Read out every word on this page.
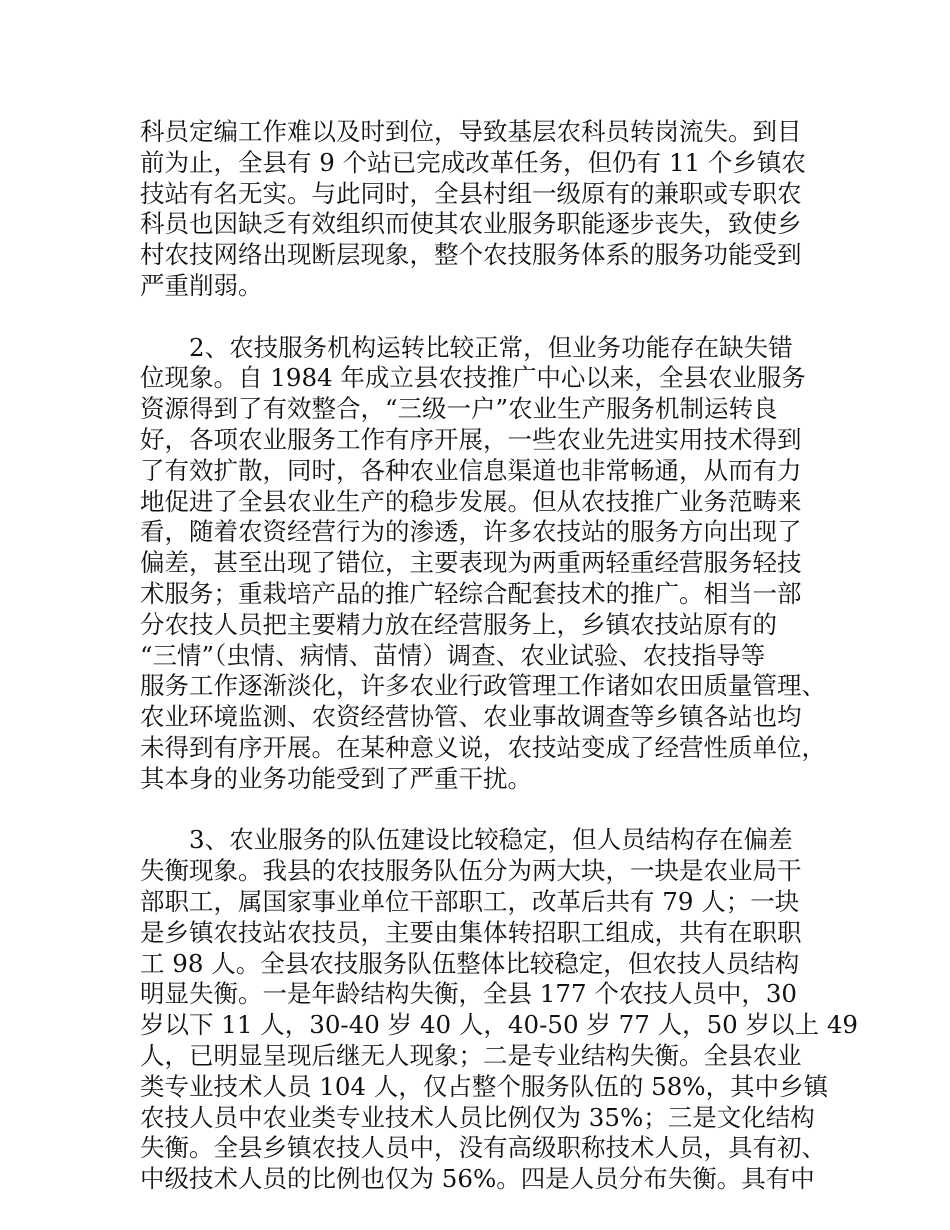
科员定编工作难以及时到位，导致基层农科员转岗流失。到目
前为止，全县有 9 个站已完成改革任务，但仍有 11 个乡镇农
技站有名无实。与此同时，全县村组一级原有的兼职或专职农
科员也因缺乏有效组织而使其农业服务职能逐步丧失，致使乡
村农技网络出现断层现象，整个农技服务体系的服务功能受到
严重削弱。
2、农技服务机构运转比较正常，但业务功能存在缺失错
位现象。自 1984 年成立县农技推广中心以来，全县农业服务
资源得到了有效整合，“三级一户”农业生产服务机制运转良
好，各项农业服务工作有序开展，一些农业先进实用技术得到
了有效扩散，同时，各种农业信息渠道也非常畅通，从而有力
地促进了全县农业生产的稳步发展。但从农技推广业务范畴来
看，随着农资经营行为的渗透，许多农技站的服务方向出现了
偏差，甚至出现了错位，主要表现为两重两轻重经营服务轻技
术服务；重栽培产品的推广轻综合配套技术的推广。相当一部
分农技人员把主要精力放在经营服务上，乡镇农技站原有的
“三情”（虫情、病情、苗情）调查、农业试验、农技指导等
服务工作逐渐淡化，许多农业行政管理工作诸如农田质量管理、
农业环境监测、农资经营协管、农业事故调查等乡镇各站也均
未得到有序开展。在某种意义说，农技站变成了经营性质单位，
其本身的业务功能受到了严重干扰。
3、农业服务的队伍建设比较稳定，但人员结构存在偏差
失衡现象。我县的农技服务队伍分为两大块，一块是农业局干
部职工，属国家事业单位干部职工，改革后共有 79 人；一块
是乡镇农技站农技员，主要由集体转招职工组成，共有在职职
工 98 人。全县农技服务队伍整体比较稳定，但农技人员结构
明显失衡。一是年龄结构失衡，全县 177 个农技人员中，30
岁以下 11 人，30-40 岁 40 人，40-50 岁 77 人，50 岁以上 49
人，已明显呈现后继无人现象；二是专业结构失衡。全县农业
类专业技术人员 104 人，仅占整个服务队伍的 58%，其中乡镇
农技人员中农业类专业技术人员比例仅为 35%；三是文化结构
失衡。全县乡镇农技人员中，没有高级职称技术人员，具有初、
中级技术人员的比例也仅为 56%。四是人员分布失衡。具有中
